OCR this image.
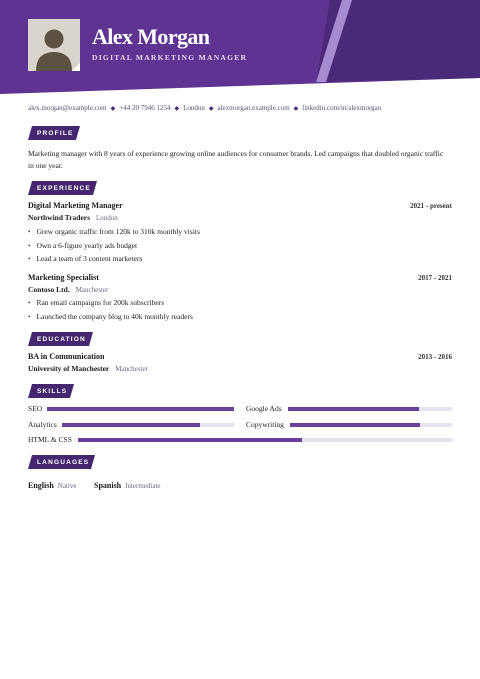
Alex Morgan
DIGITAL MARKETING MANAGER
alex.morgan@example.com ◆ +44 20 7946 1254 ◆ London ◆ alexmorgan.example.com ◆ linkedin.com/in/alexmorgan
PROFILE
Marketing manager with 8 years of experience growing online audiences for consumer brands. Led campaigns that doubled organic traffic in one year.
EXPERIENCE
Digital Marketing Manager	2021 - present
Northwind Traders London
• Grew organic traffic from 120k to 310k monthly visits
• Own a 6-figure yearly ads budget
• Lead a team of 3 content marketers
Marketing Specialist	2017 - 2021
Contoso Ltd. Manchester
• Ran email campaigns for 200k subscribers
• Launched the company blog to 40k monthly readers
EDUCATION
BA in Communication	2013 - 2016
University of Manchester Manchester
SKILLS
SEO	Google Ads
Analytics	Copywriting
HTML & CSS
LANGUAGES
English Native Spanish Intermediate
